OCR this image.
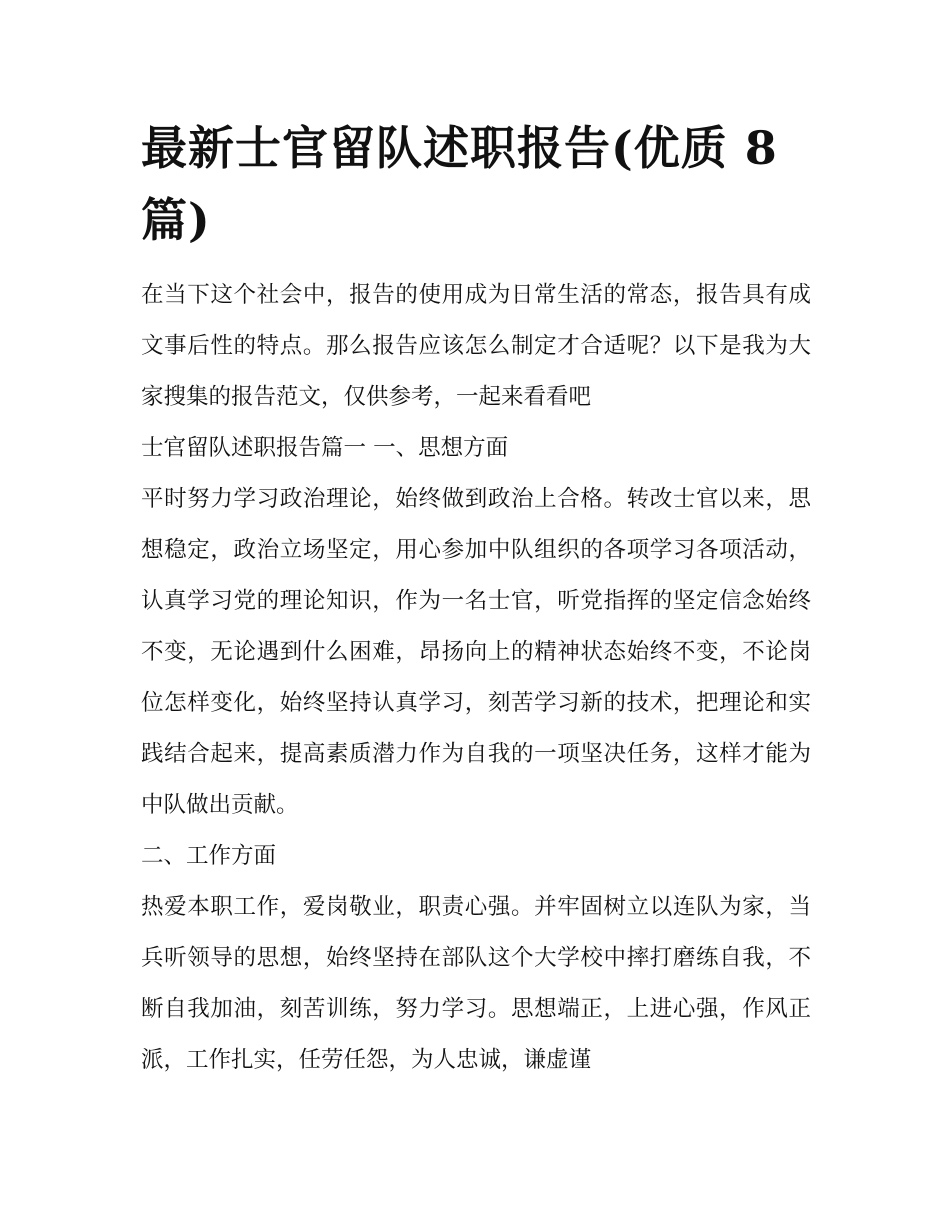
最新士官留队述职报告(优质 8 篇)

在当下这个社会中，报告的使用成为日常生活的常态，报告具有成文事后性的特点。那么报告应该怎么制定才合适呢？以下是我为大家搜集的报告范文，仅供参考，一起来看看吧

士官留队述职报告篇一 一、思想方面

平时努力学习政治理论，始终做到政治上合格。转改士官以来，思想稳定，政治立场坚定，用心参加中队组织的各项学习各项活动，认真学习党的理论知识，作为一名士官，听党指挥的坚定信念始终不变，无论遇到什么困难，昂扬向上的精神状态始终不变，不论岗位怎样变化，始终坚持认真学习，刻苦学习新的技术，把理论和实践结合起来，提高素质潜力作为自我的一项坚决任务，这样才能为中队做出贡献。

二、工作方面

热爱本职工作，爱岗敬业，职责心强。并牢固树立以连队为家，当兵听领导的思想，始终坚持在部队这个大学校中摔打磨练自我，不断自我加油，刻苦训练，努力学习。思想端正，上进心强，作风正派，工作扎实，任劳任怨，为人忠诚，谦虚谨
